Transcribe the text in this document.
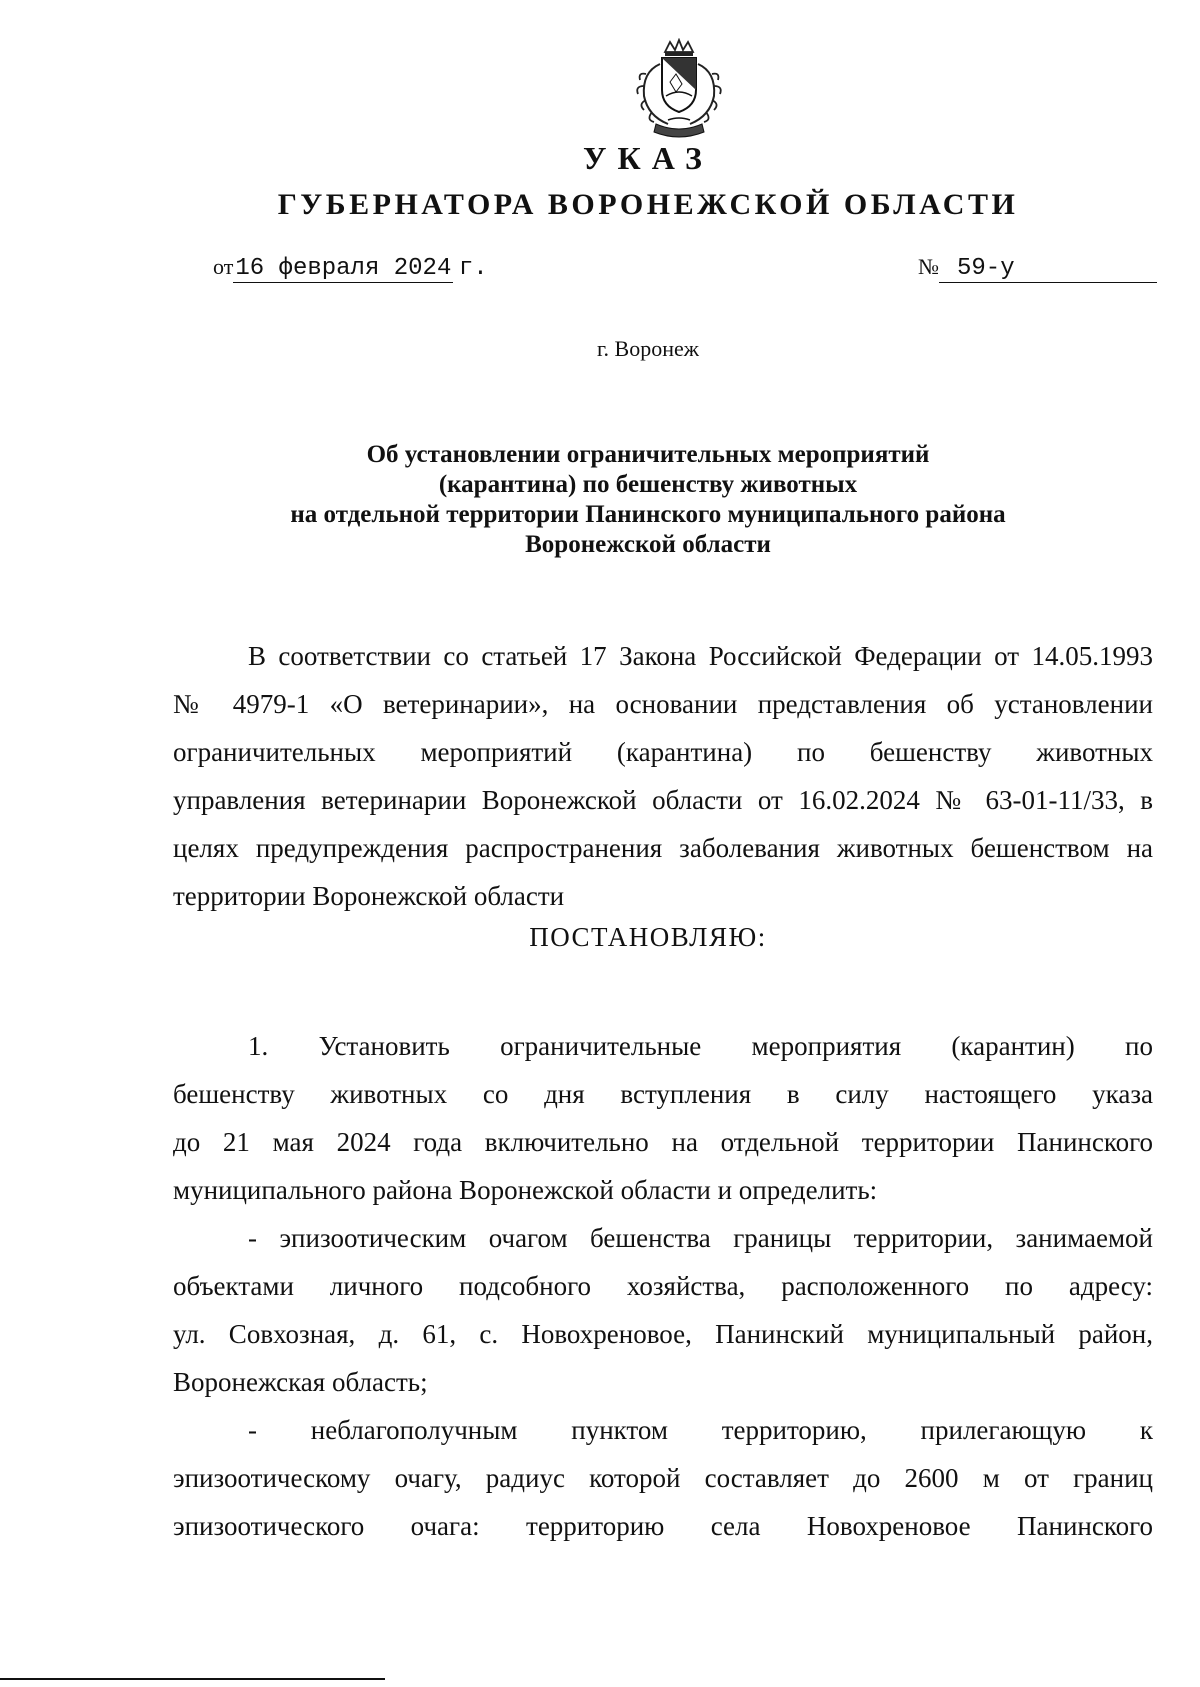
УКАЗ
ГУБЕРНАТОРА ВОРОНЕЖСКОЙ ОБЛАСТИ
от16 февраля 2024 г.	№ 59-у
г. Воронеж
Об установлении ограничительных мероприятий
(карантина) по бешенству животных
на отдельной территории Панинского муниципального района
Воронежской области
В соответствии со статьей 17 Закона Российской Федерации от 14.05.1993
№ 4979-1 «О ветеринарии», на основании представления об установлении
ограничительных мероприятий (карантина) по бешенству животных
управления ветеринарии Воронежской области от 16.02.2024 № 63-01-11/33, в
целях предупреждения распространения заболевания животных бешенством на
территории Воронежской области
ПОСТАНОВЛЯЮ:
1. Установить ограничительные мероприятия (карантин) по
бешенству животных со дня вступления в силу настоящего указа
до 21 мая 2024 года включительно на отдельной территории Панинского
муниципального района Воронежской области и определить:
- эпизоотическим очагом бешенства границы территории, занимаемой
объектами личного подсобного хозяйства, расположенного по адресу:
ул. Совхозная, д. 61, с. Новохреновое, Панинский муниципальный район,
Воронежская область;
- неблагополучным пунктом территорию, прилегающую к
эпизоотическому очагу, радиус которой составляет до 2600 м от границ
эпизоотического очага: территорию села Новохреновое Панинского
